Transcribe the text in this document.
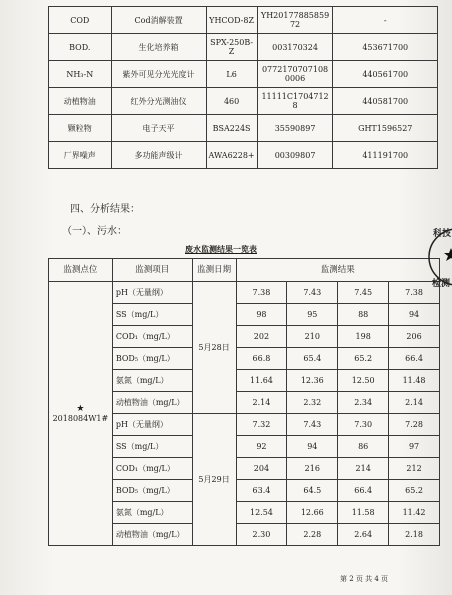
COD	Cod消解装置	YHCOD-8Z	YH2017788585972	-
BOD.	生化培养箱	SPX-250B-Z	003170324	453671700
NH₃-N	紫外可见分光光度计	L6	0772170707108 0006	440561700
动植物油	红外分光测油仪	460	11111C1704712 8	440581700
颗粒物	电子天平	BSA224S	35590897	GHT1596527
厂界噪声	多功能声级计	AWA6228+	00309807	411191700
四、分析结果：
（一）、污水：
废水监测结果一览表
监测点位	监测项目	监测日期	监测结果			

★
2018084W1#	pH（无量纲）	5月28日	7.38	7.43	7.45	7.38
	SS（mg/L）		98	95	88	94
	COD₁（mg/L）		202	210	198	206
	BOD₅（mg/L）		66.8	65.4	65.2	66.4
	氨氮（mg/L）		11.64	12.36	12.50	11.48
	动植物油（mg/L）		2.14	2.32	2.34	2.14
	pH（无量纲）	5月29日	7.32	7.43	7.30	7.28
	SS（mg/L）		92	94	86	97
	COD₁（mg/L）		204	216	214	212
	BOD₅（mg/L）		63.4	64.5	66.4	65.2
	氨氮（mg/L）		12.54	12.66	11.58	11.42
	动植物油（mg/L）		2.30	2.28	2.64	2.18
科技
检测
第 2 页 共 4 页
